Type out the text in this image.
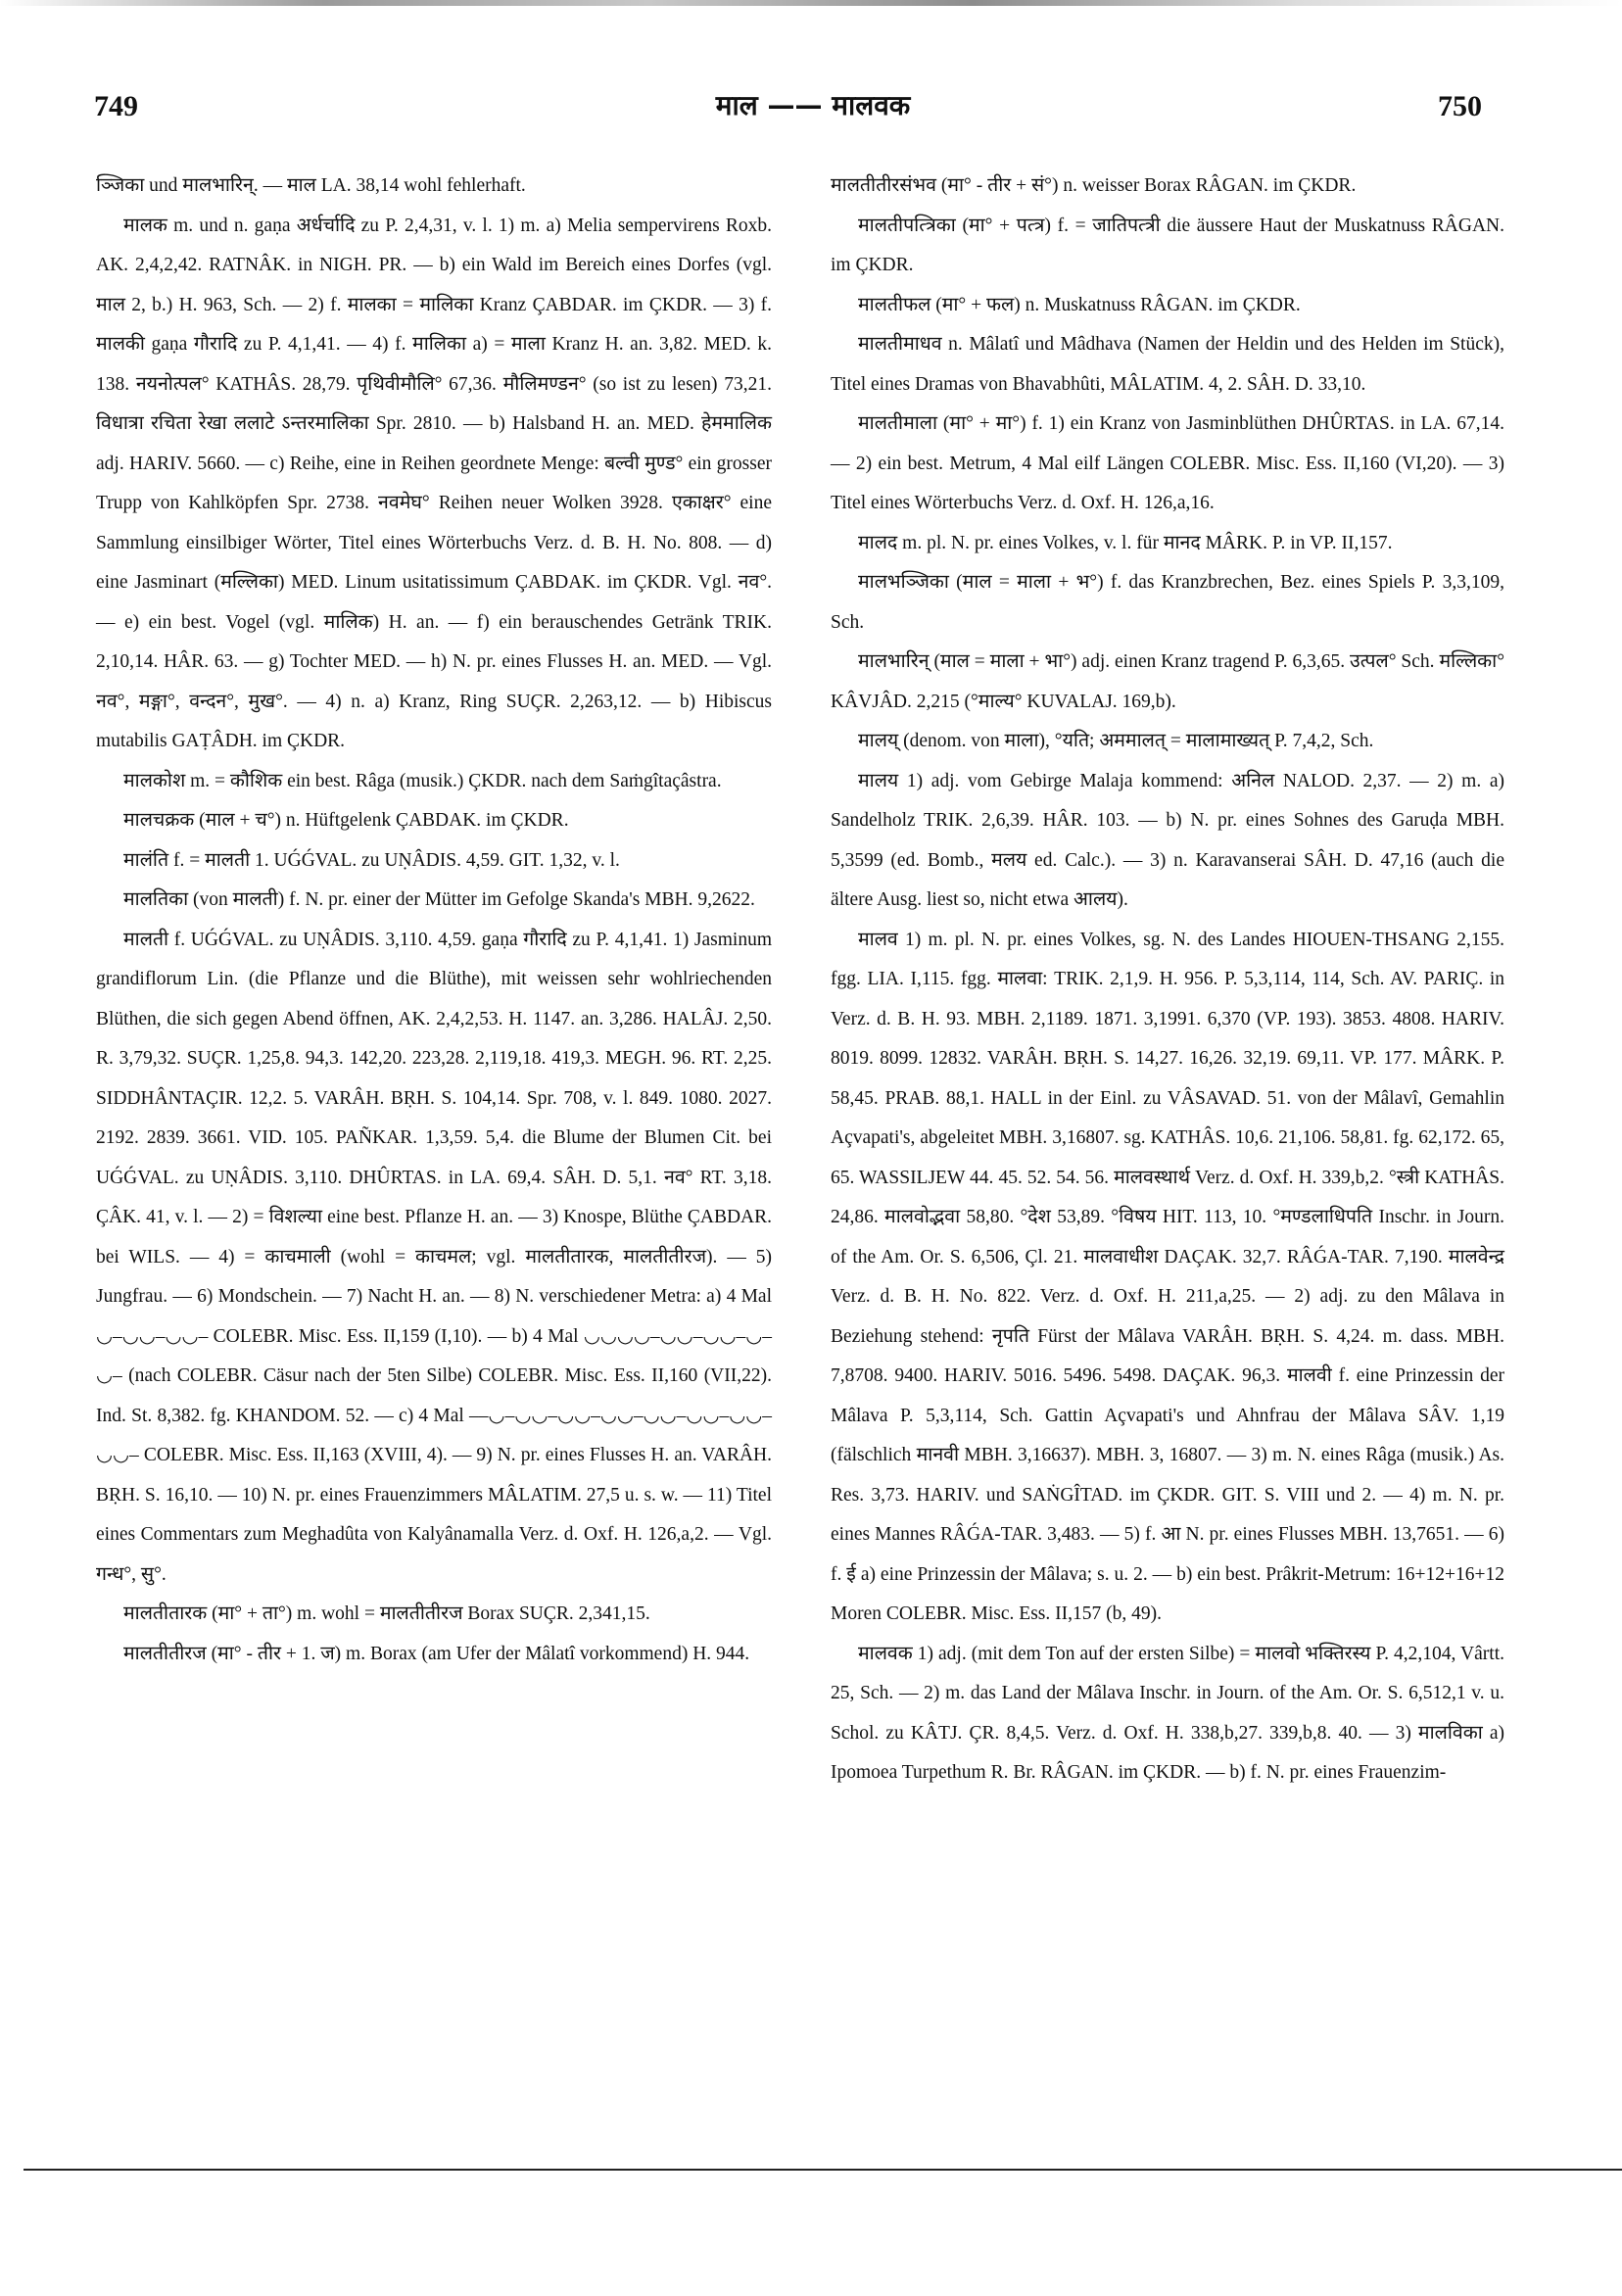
749	माल —— मालवक	750

ञ्जिका und मालभारिन्. — माल LA. 38,14 wohl fehlerhaft.

मालक m. und n. gaṇa अर्धर्चादि zu P. 2,4,31, v. l. 1) m. a) Melia sempervirens Roxb. AK. 2,4,2,42. RATNÂK. in NIGH. PR. — b) ein Wald im Bereich eines Dorfes (vgl. माल 2, b.) H. 963, Sch. — 2) f. मालका = मालिका Kranz ÇABDAR. im ÇKDR. — 3) f. मालकी gaṇa गौरादि zu P. 4,1,41. — 4) f. मालिका a) = माला Kranz H. an. 3,82. MED. k. 138. नयनोत्पल° KATHÂS. 28,79. पृथिवीमौलि° 67,36. मौलिमण्डन° (so ist zu lesen) 73,21. विधात्रा रचिता रेखा ललाटे ऽन्तरमालिका Spr. 2810. — b) Halsband H. an. MED. हेममालिक adj. HARIV. 5660. — c) Reihe, eine in Reihen geordnete Menge: बल्वी मुण्ड° ein grosser Trupp von Kahlköpfen Spr. 2738. नवमेघ° Reihen neuer Wolken 3928. एकाक्षर° eine Sammlung einsilbiger Wörter, Titel eines Wörterbuchs Verz. d. B. H. No. 808. — d) eine Jasminart (मल्लिका) MED. Linum usitatissimum ÇABDAK. im ÇKDR. Vgl. नव°. — e) ein best. Vogel (vgl. मालिक) H. an. — f) ein berauschendes Getränk TRIK. 2,10,14. HÂR. 63. — g) Tochter MED. — h) N. pr. eines Flusses H. an. MED. — Vgl. नव°, मङ्गा°, वन्दन°, मुख°. — 4) n. a) Kranz, Ring SUÇR. 2,263,12. — b) Hibiscus mutabilis GAṬÂDH. im ÇKDR.

मालकोश m. = कौशिक ein best. Râga (musik.) ÇKDR. nach dem Saṁgîtaçâstra.

मालचक्रक (माल + च°) n. Hüftgelenk ÇABDAK. im ÇKDR.

मालंति f. = मालती 1. UǴǴVAL. zu UṆÂDIS. 4,59. GIT. 1,32, v. l.

मालतिका (von मालती) f. N. pr. einer der Mütter im Gefolge Skanda's MBH. 9,2622.

मालती f. UǴǴVAL. zu UṆÂDIS. 3,110. 4,59. gaṇa गौरादि zu P. 4,1,41. 1) Jasminum grandiflorum Lin. (die Pflanze und die Blüthe), mit weissen sehr wohlriechenden Blüthen, die sich gegen Abend öffnen, AK. 2,4,2,53. H. 1147. an. 3,286. HALÂJ. 2,50. R. 3,79,32. SUÇR. 1,25,8. 94,3. 142,20. 223,28. 2,119,18. 419,3. MEGH. 96. RT. 2,25. SIDDHÂNTAÇIR. 12,2. 5. VARÂH. BṚH. S. 104,14. Spr. 708, v. l. 849. 1080. 2027. 2192. 2839. 3661. VID. 105. PAÑKAR. 1,3,59. 5,4. die Blume der Blumen Cit. bei UǴǴVAL. zu UṆÂDIS. 3,110. DHÛRTAS. in LA. 69,4. SÂH. D. 5,1. नव° RT. 3,18. ÇÂK. 41, v. l. — 2) = विशल्या eine best. Pflanze H. an. — 3) Knospe, Blüthe ÇABDAR. bei WILS. — 4) = काचमाली (wohl = काचमल; vgl. मालतीतारक, मालतीतीरज). — 5) Jungfrau. — 6) Mondschein. — 7) Nacht H. an. — 8) N. verschiedener Metra: a) 4 Mal ◡–◡◡–◡◡– COLEBR. Misc. Ess. II,159 (I,10). — b) 4 Mal ◡◡◡◡–◡◡–◡◡–◡–◡– (nach COLEBR. Cäsur nach der 5ten Silbe) COLEBR. Misc. Ess. II,160 (VII,22). Ind. St. 8,382. fg. KHANDOM. 52. — c) 4 Mal ––◡–◡◡–◡◡–◡◡–◡◡–◡◡–◡◡–◡◡– COLEBR. Misc. Ess. II,163 (XVIII, 4). — 9) N. pr. eines Flusses H. an. VARÂH. BṚH. S. 16,10. — 10) N. pr. eines Frauenzimmers MÂLATIM. 27,5 u. s. w. — 11) Titel eines Commentars zum Meghadûta von Kalyânamalla Verz. d. Oxf. H. 126,a,2. — Vgl. गन्ध°, सु°.

मालतीतारक (मा° + ता°) m. wohl = मालतीतीरज Borax SUÇR. 2,341,15.

मालतीतीरज (मा° - तीर + 1. ज) m. Borax (am Ufer der Mâlatî vorkommend) H. 944.

मालतीतीरसंभव (मा° - तीर + सं°) n. weisser Borax RÂGAN. im ÇKDR.

मालतीपत्त्रिका (मा° + पत्त्र) f. = जातिपत्त्री die äussere Haut der Muskatnuss RÂGAN. im ÇKDR.

मालतीफल (मा° + फल) n. Muskatnuss RÂGAN. im ÇKDR.

मालतीमाधव n. Mâlatî und Mâdhava (Namen der Heldin und des Helden im Stück), Titel eines Dramas von Bhavabhûti, MÂLATIM. 4, 2. SÂH. D. 33,10.

मालतीमाला (मा° + मा°) f. 1) ein Kranz von Jasminblüthen DHÛRTAS. in LA. 67,14. — 2) ein best. Metrum, 4 Mal eilf Längen COLEBR. Misc. Ess. II,160 (VI,20). — 3) Titel eines Wörterbuchs Verz. d. Oxf. H. 126,a,16.

मालद m. pl. N. pr. eines Volkes, v. l. für मानद MÂRK. P. in VP. II,157.

मालभञ्जिका (माल = माला + भ°) f. das Kranzbrechen, Bez. eines Spiels P. 3,3,109, Sch.

मालभारिन् (माल = माला + भा°) adj. einen Kranz tragend P. 6,3,65. उत्पल° Sch. मल्लिका° KÂVJÂD. 2,215 (°माल्य° KUVALAJ. 169,b).

मालय् (denom. von माला), °यति; अममालत् = मालामाख्यत् P. 7,4,2, Sch.

मालय 1) adj. vom Gebirge Malaja kommend: अनिल NALOD. 2,37. — 2) m. a) Sandelholz TRIK. 2,6,39. HÂR. 103. — b) N. pr. eines Sohnes des Garuḍa MBH. 5,3599 (ed. Bomb., मलय ed. Calc.). — 3) n. Karavanserai SÂH. D. 47,16 (auch die ältere Ausg. liest so, nicht etwa आलय).

मालव 1) m. pl. N. pr. eines Volkes, sg. N. des Landes HIOUEN-THSANG 2,155. fgg. LIA. I,115. fgg. मालवा: TRIK. 2,1,9. H. 956. P. 5,3,114, 114, Sch. AV. PARIÇ. in Verz. d. B. H. 93. MBH. 2,1189. 1871. 3,1991. 6,370 (VP. 193). 3853. 4808. HARIV. 8019. 8099. 12832. VARÂH. BṚH. S. 14,27. 16,26. 32,19. 69,11. VP. 177. MÂRK. P. 58,45. PRAB. 88,1. HALL in der Einl. zu VÂSAVAD. 51. von der Mâlavî, Gemahlin Açvapati's, abgeleitet MBH. 3,16807. sg. KATHÂS. 10,6. 21,106. 58,81. fg. 62,172. 65, 65. WASSILJEW 44. 45. 52. 54. 56. मालवस्थार्थ Verz. d. Oxf. H. 339,b,2. °स्त्री KATHÂS. 24,86. मालवोद्भवा 58,80. °देश 53,89. °विषय HIT. 113, 10. °मण्डलाधिपति Inschr. in Journ. of the Am. Or. S. 6,506, Çl. 21. मालवाधीश DAÇAK. 32,7. RÂǴA-TAR. 7,190. मालवेन्द्र Verz. d. B. H. No. 822. Verz. d. Oxf. H. 211,a,25. — 2) adj. zu den Mâlava in Beziehung stehend: नृपति Fürst der Mâlava VARÂH. BṚH. S. 4,24. m. dass. MBH. 7,8708. 9400. HARIV. 5016. 5496. 5498. DAÇAK. 96,3. मालवी f. eine Prinzessin der Mâlava P. 5,3,114, Sch. Gattin Açvapati's und Ahnfrau der Mâlava SÂV. 1,19 (fälschlich मानवी MBH. 3,16637). MBH. 3, 16807. — 3) m. N. eines Râga (musik.) As. Res. 3,73. HARIV. und SAṄGÎTAD. im ÇKDR. GIT. S. VIII und 2. — 4) m. N. pr. eines Mannes RÂǴA-TAR. 3,483. — 5) f. आ N. pr. eines Flusses MBH. 13,7651. — 6) f. ई a) eine Prinzessin der Mâlava; s. u. 2. — b) ein best. Prâkrit-Metrum: 16+12+16+12 Moren COLEBR. Misc. Ess. II,157 (b, 49).

मालवक 1) adj. (mit dem Ton auf der ersten Silbe) = मालवो भक्तिरस्य P. 4,2,104, Vârtt. 25, Sch. — 2) m. das Land der Mâlava Inschr. in Journ. of the Am. Or. S. 6,512,1 v. u. Schol. zu KÂTJ. ÇR. 8,4,5. Verz. d. Oxf. H. 338,b,27. 339,b,8. 40. — 3) मालविका a) Ipomoea Turpethum R. Br. RÂGAN. im ÇKDR. — b) f. N. pr. eines Frauenzim-
